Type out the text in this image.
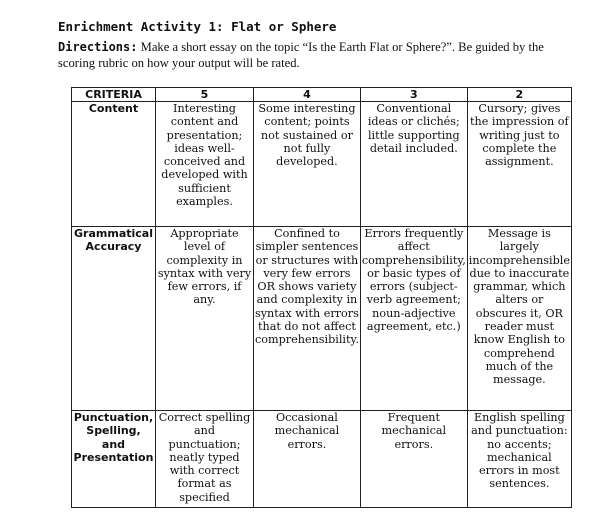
Enrichment Activity 1: Flat or Sphere
Directions: Make a short essay on the topic “Is the Earth Flat or Sphere?”. Be guided by the scoring rubric on how your output will be rated.
CRITERIA	5	4	3	2
Content	Interesting content and presentation; ideas well-conceived and developed with sufficient examples.	Some interesting content; points not sustained or not fully developed.	Conventional ideas or clichés; little supporting detail included.	Cursory; gives the impression of writing just to complete the assignment.
Grammatical Accuracy	Appropriate level of complexity in syntax with very few errors, if any.	Confined to simpler sentences or structures with very few errors OR shows variety and complexity in syntax with errors that do not affect comprehensibility.	Errors frequently affect comprehensibility, or basic types of errors (subject-verb agreement; noun-adjective agreement, etc.)	Message is largely incomprehensible due to inaccurate grammar, which alters or obscures it, OR reader must know English to comprehend much of the message.
Punctuation, Spelling, and Presentation	Correct spelling and punctuation; neatly typed with correct format as specified	Occasional mechanical errors.	Frequent mechanical errors.	English spelling and punctuation: no accents; mechanical errors in most sentences.
